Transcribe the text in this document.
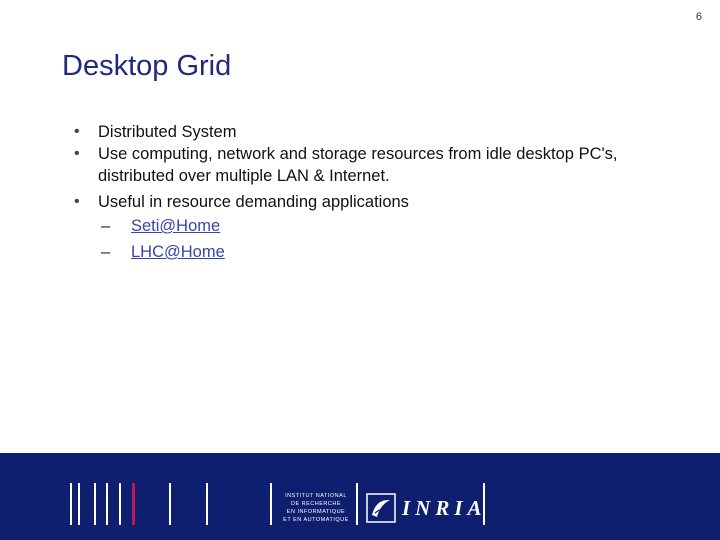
6
Desktop Grid
• Distributed System
• Use computing, network and storage resources from idle desktop PC's,
distributed over multiple LAN & Internet.
• Useful in resource demanding applications
– Seti@Home
– LHC@Home
INSTITUT NATIONAL
DE RECHERCHE
EN INFORMATIQUE
ET EN AUTOMATIQUE	INRIA
